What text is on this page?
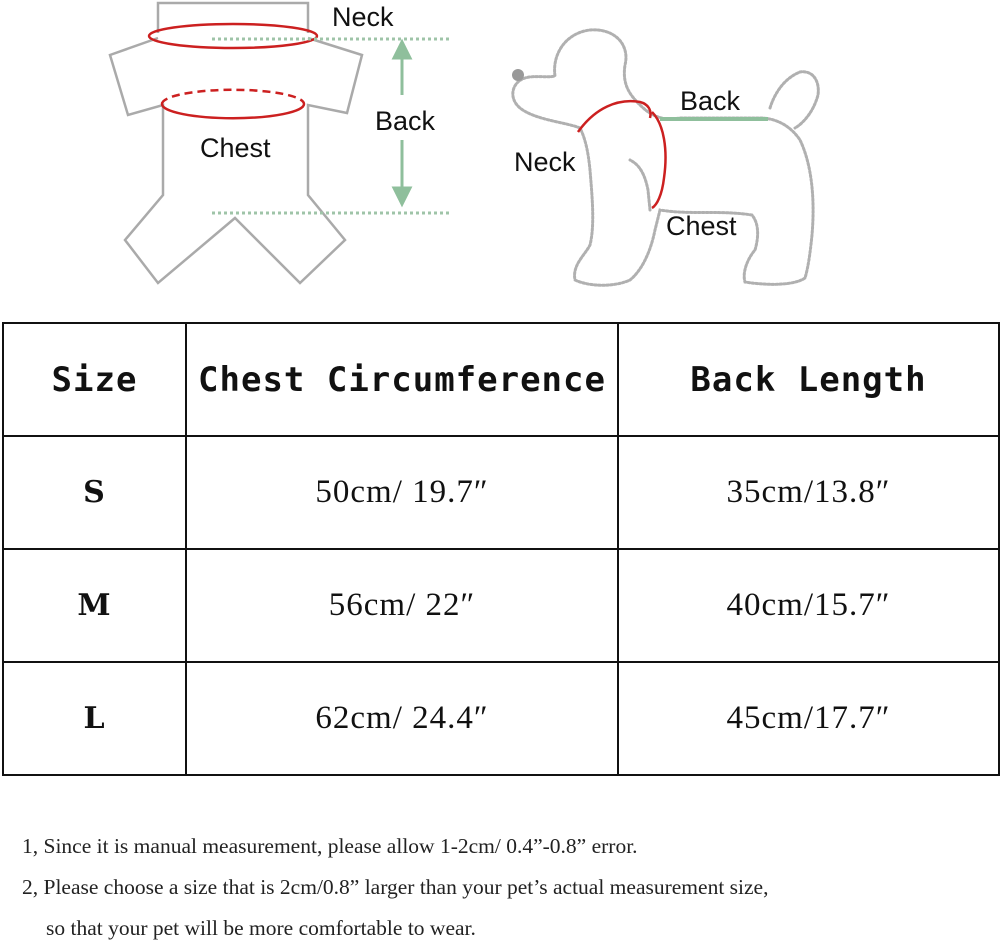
Neck
Back
Chest
Back
Neck
Chest
Size	Chest Circumference	Back Length
S	50cm/ 19.7″	35cm/13.8″
M	56cm/ 22″	40cm/15.7″
L	62cm/ 24.4″	45cm/17.7″

1, Since it is manual measurement, please allow 1-2cm/ 0.4”-0.8” error.

2, Please choose a size that is 2cm/0.8” larger than your pet’s actual measurement size,

so that your pet will be more comfortable to wear.
